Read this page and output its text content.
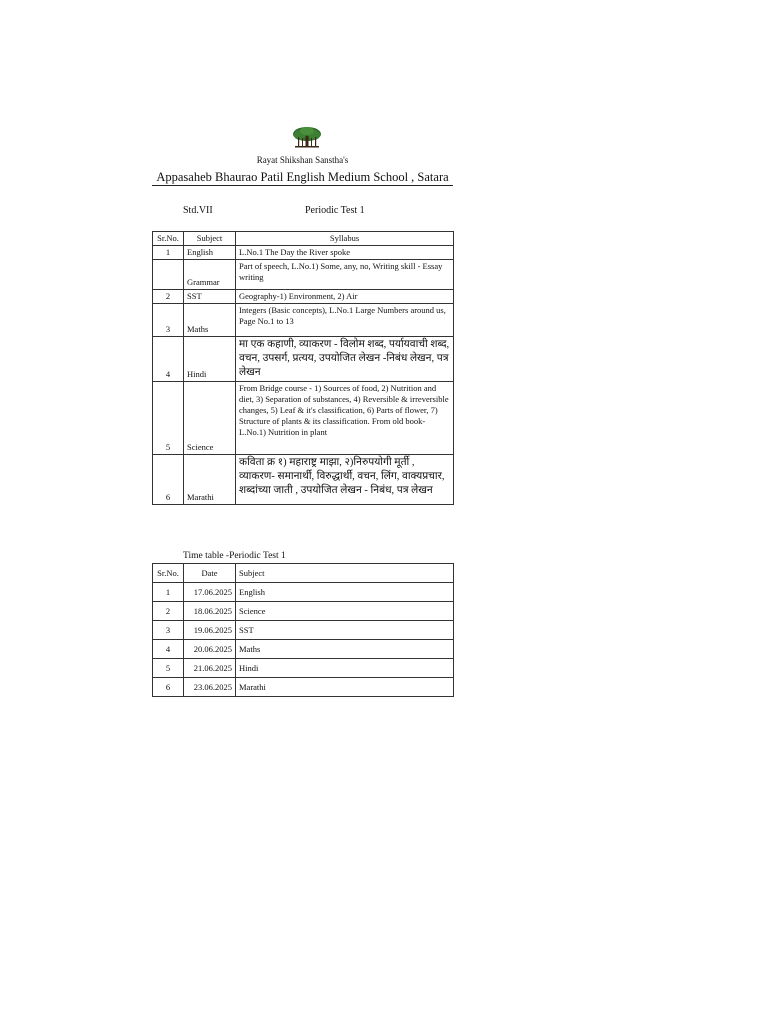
Rayat Shikshan Sanstha's
Appasaheb Bhaurao Patil English Medium School , Satara
Std.VII	Periodic Test 1
Sr.No.	Subject	Syllabus
1	English	L.No.1 The Day the River spoke
	Grammar	Part of speech, L.No.1) Some, any, no, Writing skill - Essay writing
2	SST	Geography-1) Environment, 2) Air
3	Maths	Integers (Basic concepts), L.No.1 Large Numbers around us, Page No.1 to 13
4	Hindi	मा एक कहाणी, व्याकरण - विलोम शब्द, पर्यायवाची शब्द, वचन, उपसर्ग, प्रत्यय, उपयोजित लेखन -निबंध लेखन, पत्र लेखन
5	Science	From Bridge course - 1) Sources of food, 2) Nutrition and diet, 3) Separation of substances, 4) Reversible & irreversible changes, 5) Leaf & it's classification, 6) Parts of flower, 7) Structure of plants & its classification. From old book-L.No.1) Nutrition in plant
6	Marathi	कविता क्र १) महाराष्ट्र माझा, २)निरुपयोगी मूर्ती , व्याकरण- समानार्थी, विरुद्धार्थी, वचन, लिंग, वाक्यप्रचार, शब्दांच्या जाती , उपयोजित लेखन - निबंध, पत्र लेखन
Time table -Periodic Test 1
Sr.No.	Date	Subject
1	17.06.2025	English
2	18.06.2025	Science
3	19.06.2025	SST
4	20.06.2025	Maths
5	21.06.2025	Hindi
6	23.06.2025	Marathi
